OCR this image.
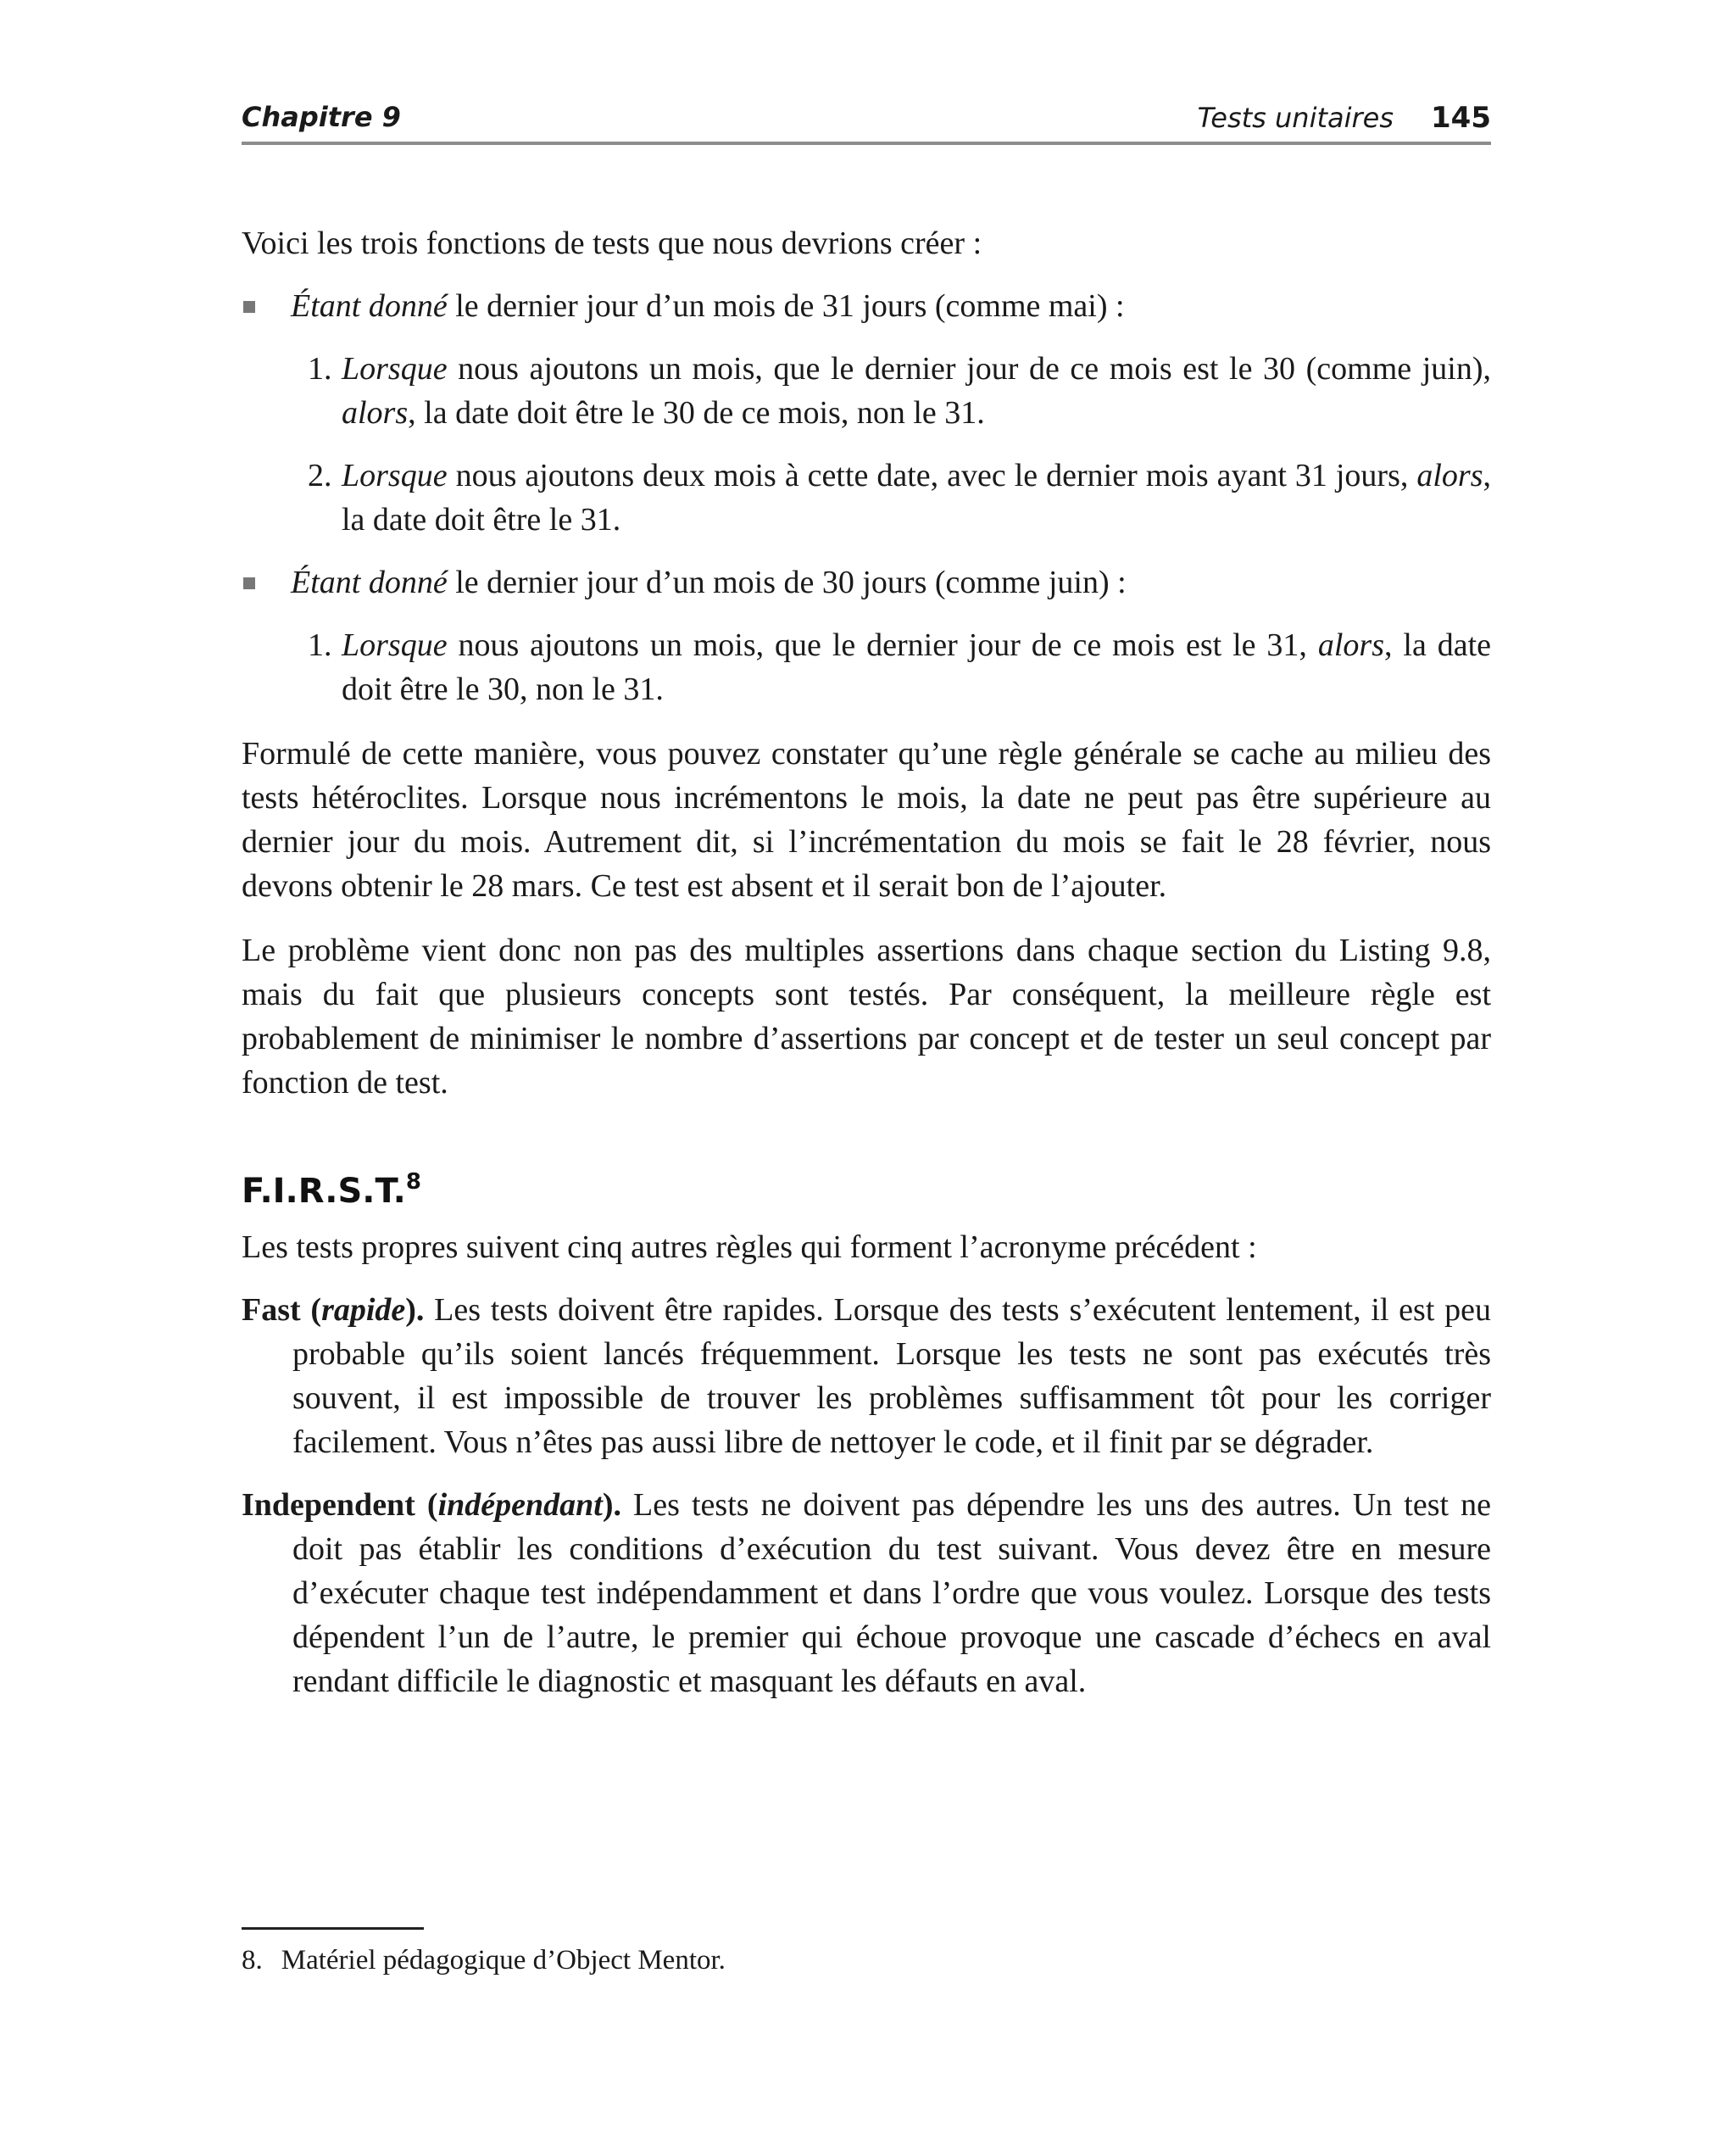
Chapitre 9	Tests unitaires 145

Voici les trois fonctions de tests que nous devrions créer :

Étant donné le dernier jour d’un mois de 31 jours (comme mai) :
1. Lorsque nous ajoutons un mois, que le dernier jour de ce mois est le 30 (comme juin), alors, la date doit être le 30 de ce mois, non le 31.
2. Lorsque nous ajoutons deux mois à cette date, avec le dernier mois ayant 31 jours, alors, la date doit être le 31.
Étant donné le dernier jour d’un mois de 30 jours (comme juin) :
1. Lorsque nous ajoutons un mois, que le dernier jour de ce mois est le 31, alors, la date doit être le 30, non le 31.

Formulé de cette manière, vous pouvez constater qu’une règle générale se cache au milieu des tests hétéroclites. Lorsque nous incrémentons le mois, la date ne peut pas être supérieure au dernier jour du mois. Autrement dit, si l’incrémentation du mois se fait le 28 février, nous devons obtenir le 28 mars. Ce test est absent et il serait bon de l’ajouter.

Le problème vient donc non pas des multiples assertions dans chaque section du Listing 9.8, mais du fait que plusieurs concepts sont testés. Par conséquent, la meilleure règle est probablement de minimiser le nombre d’assertions par concept et de tester un seul concept par fonction de test.

F.I.R.S.T.$^8$

Les tests propres suivent cinq autres règles qui forment l’acronyme précédent :

Fast (rapide). Les tests doivent être rapides. Lorsque des tests s’exécutent lentement, il est peu probable qu’ils soient lancés fréquemment. Lorsque les tests ne sont pas exécutés très souvent, il est impossible de trouver les problèmes suffisamment tôt pour les corriger facilement. Vous n’êtes pas aussi libre de nettoyer le code, et il finit par se dégrader.

Independent (indépendant). Les tests ne doivent pas dépendre les uns des autres. Un test ne doit pas établir les conditions d’exécution du test suivant. Vous devez être en mesure d’exécuter chaque test indépendamment et dans l’ordre que vous voulez. Lorsque des tests dépendent l’un de l’autre, le premier qui échoue provoque une cascade d’échecs en aval rendant difficile le diagnostic et masquant les défauts en aval.

8. Matériel pédagogique d’Object Mentor.
